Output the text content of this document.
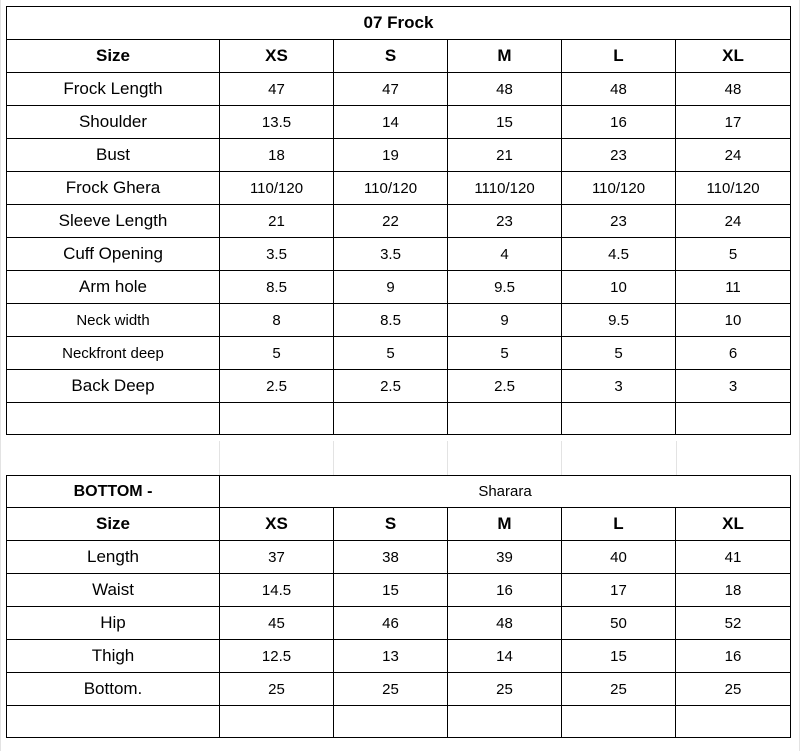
07 Frock					
Size	XS	S	M	L	XL
Frock Length	47	47	48	48	48
Shoulder	13.5	14	15	16	17
Bust	18	19	21	23	24
Frock Ghera	110/120	110/120	1110/120	110/120	110/120
Sleeve Length	21	22	23	23	24
Cuff Opening	3.5	3.5	4	4.5	5
Arm hole	8.5	9	9.5	10	11
Neck width	8	8.5	9	9.5	10
Neckfront deep	5	5	5	5	6
Back Deep	2.5	2.5	2.5	3	3

BOTTOM -	Sharara				
Size	XS	S	M	L	XL
Length	37	38	39	40	41
Waist	14.5	15	16	17	18
Hip	45	46	48	50	52
Thigh	12.5	13	14	15	16
Bottom.	25	25	25	25	25
